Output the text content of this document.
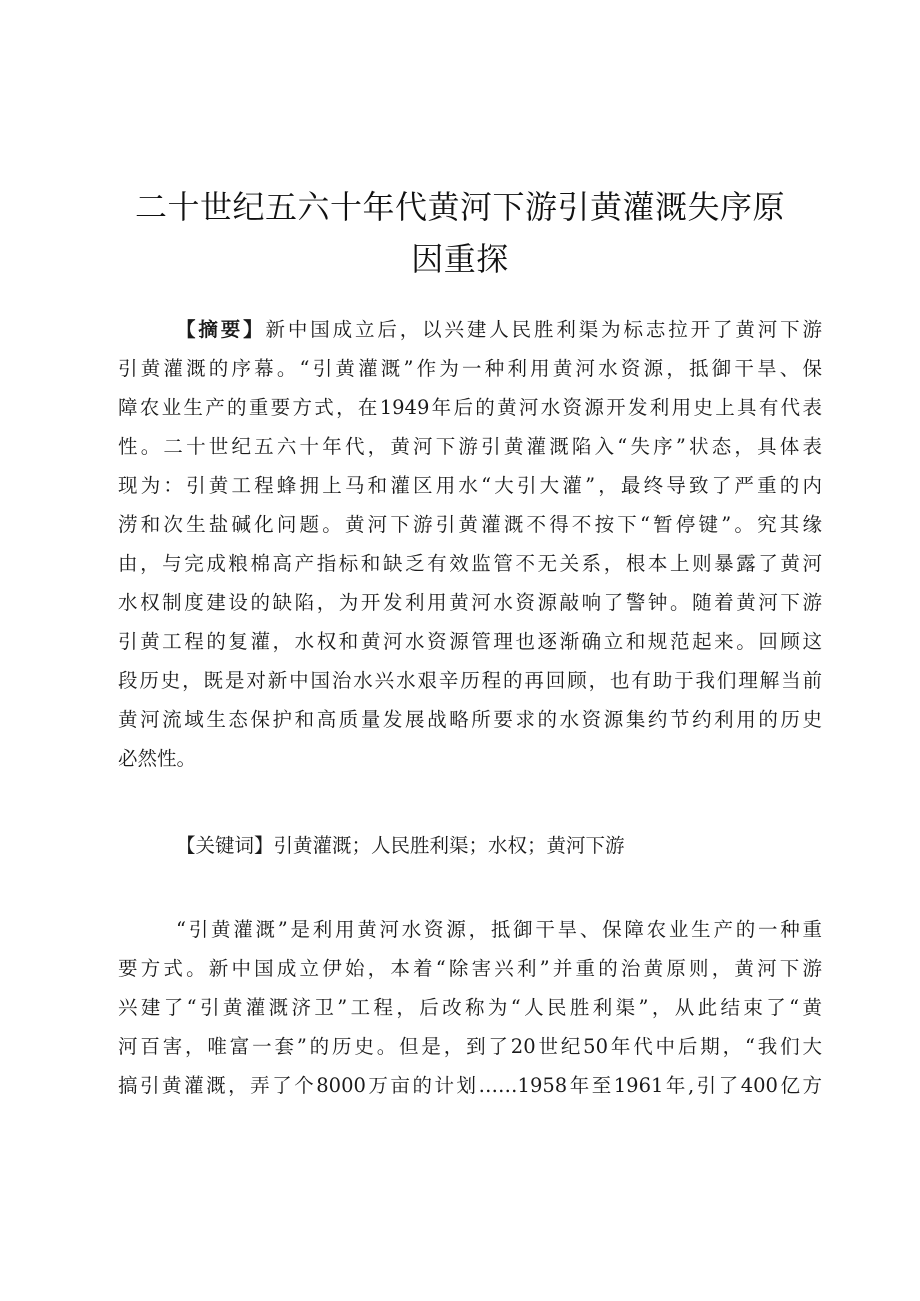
二十世纪五六十年代黄河下游引黄灌溉失序原
因重探
【摘要】新中国成立后，以兴建人民胜利渠为标志拉开了黄河下游
引黄灌溉的序幕。“引黄灌溉”作为一种利用黄河水资源，抵御干旱、保
障农业生产的重要方式，在1949年后的黄河水资源开发利用史上具有代表
性。二十世纪五六十年代，黄河下游引黄灌溉陷入“失序”状态，具体表
现为：引黄工程蜂拥上马和灌区用水“大引大灌”，最终导致了严重的内
涝和次生盐碱化问题。黄河下游引黄灌溉不得不按下“暂停键”。究其缘
由，与完成粮棉高产指标和缺乏有效监管不无关系，根本上则暴露了黄河
水权制度建设的缺陷，为开发利用黄河水资源敲响了警钟。随着黄河下游
引黄工程的复灌，水权和黄河水资源管理也逐渐确立和规范起来。回顾这
段历史，既是对新中国治水兴水艰辛历程的再回顾，也有助于我们理解当前
黄河流域生态保护和高质量发展战略所要求的水资源集约节约利用的历史
必然性。
【关键词】引黄灌溉；人民胜利渠；水权；黄河下游
“引黄灌溉”是利用黄河水资源，抵御干旱、保障农业生产的一种重
要方式。新中国成立伊始，本着“除害兴利”并重的治黄原则，黄河下游
兴建了“引黄灌溉济卫”工程，后改称为“人民胜利渠”，从此结束了“黄
河百害，唯富一套”的历史。但是，到了20世纪50年代中后期，“我们大
搞引黄灌溉，弄了个8000万亩的计划……1958年至1961年,引了400亿方
